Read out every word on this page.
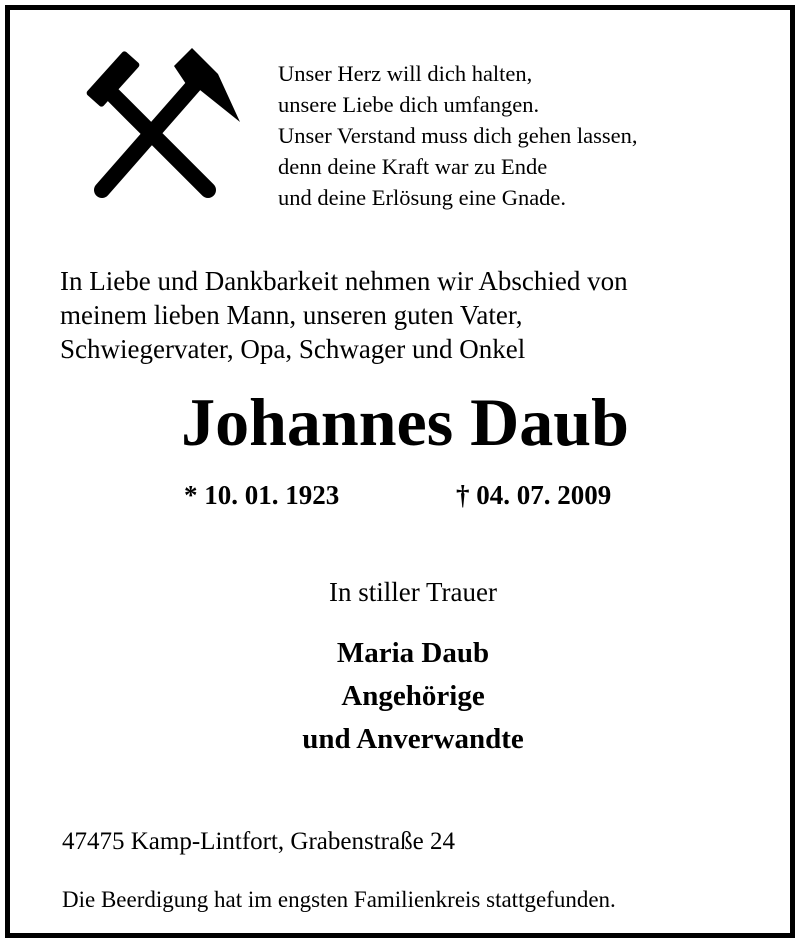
Unser Herz will dich halten,
unsere Liebe dich umfangen.
Unser Verstand muss dich gehen lassen,
denn deine Kraft war zu Ende
und deine Erlösung eine Gnade.
In Liebe und Dankbarkeit nehmen wir Abschied von
meinem lieben Mann, unseren guten Vater,
Schwiegervater, Opa, Schwager und Onkel
Johannes Daub
* 10. 01. 1923	† 04. 07. 2009
In stiller Trauer
Maria Daub
Angehörige
und Anverwandte
47475 Kamp-Lintfort, Grabenstraße 24
Die Beerdigung hat im engsten Familienkreis stattgefunden.
